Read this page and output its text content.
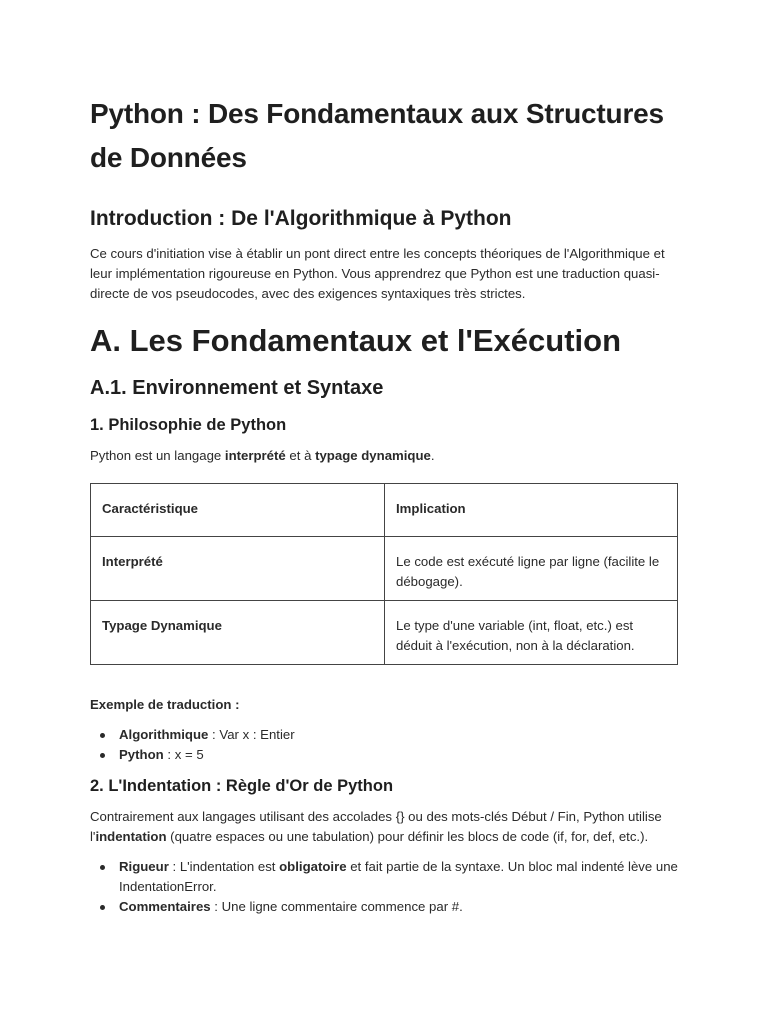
Python : Des Fondamentaux aux Structures de Données
Introduction : De l'Algorithmique à Python

Ce cours d'initiation vise à établir un pont direct entre les concepts théoriques de l'Algorithmique et leur implémentation rigoureuse en Python. Vous apprendrez que Python est une traduction quasi-directe de vos pseudocodes, avec des exigences syntaxiques très strictes.

A. Les Fondamentaux et l'Exécution
A.1. Environnement et Syntaxe
1. Philosophie de Python

Python est un langage interprété et à typage dynamique.

Caractéristique	Implication
Interprété	Le code est exécuté ligne par ligne (facilite le débogage).
Typage Dynamique	Le type d'une variable (int, float, etc.) est déduit à l'exécution, non à la déclaration.

Exemple de traduction :

Algorithmique : Var x : Entier
Python : x = 5
2. L'Indentation : Règle d'Or de Python

Contrairement aux langages utilisant des accolades {} ou des mots-clés Début / Fin, Python utilise l'indentation (quatre espaces ou une tabulation) pour définir les blocs de code (if, for, def, etc.).

Rigueur : L'indentation est obligatoire et fait partie de la syntaxe. Un bloc mal indenté lève une IndentationError.
Commentaires : Une ligne commentaire commence par #.
